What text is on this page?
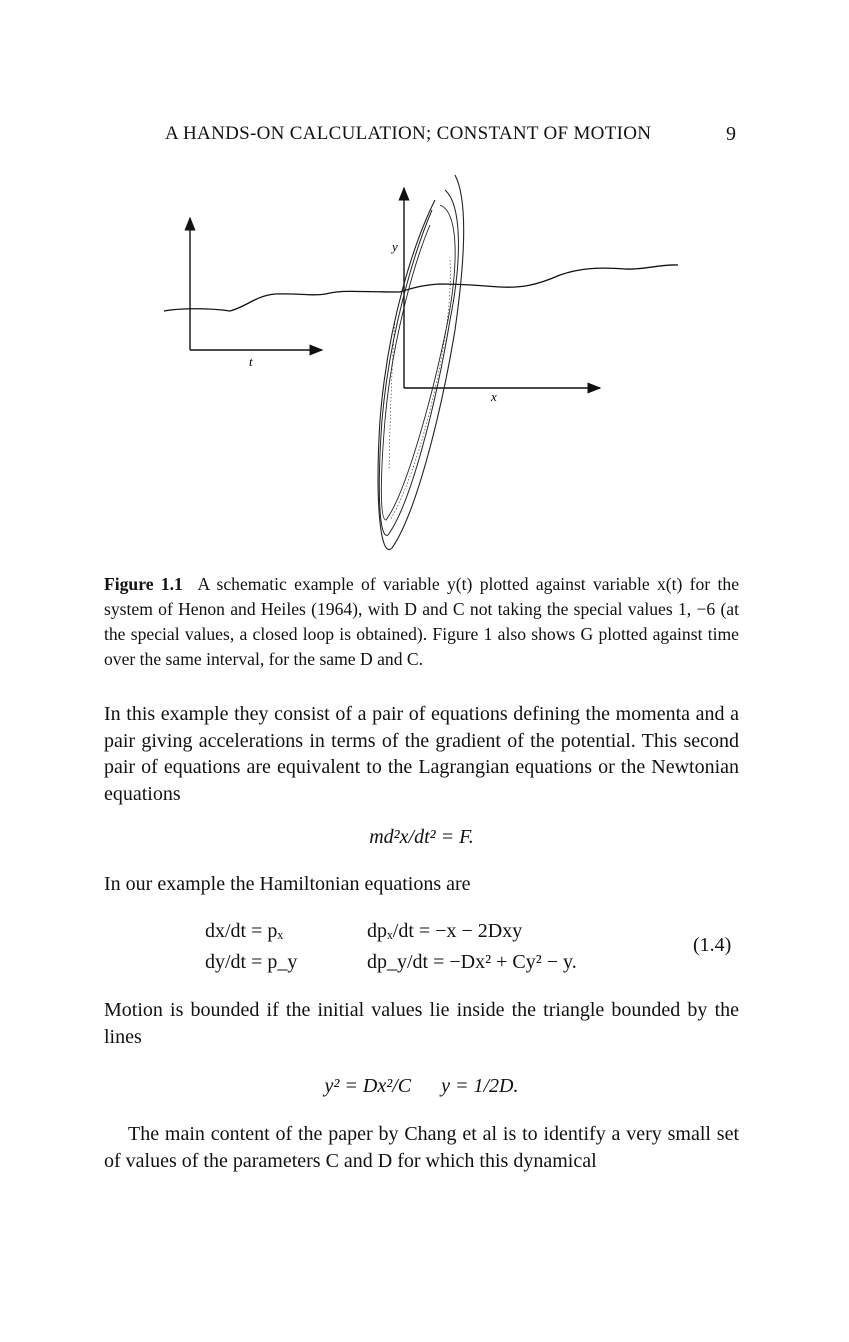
A HANDS-ON CALCULATION; CONSTANT OF MOTION	9
t
y
x
Figure 1.1 A schematic example of variable y(t) plotted against variable x(t) for the system of Henon and Heiles (1964), with D and C not taking the special values 1, −6 (at the special values, a closed loop is obtained). Figure 1 also shows G plotted against time over the same interval, for the same D and C.
In this example they consist of a pair of equations defining the momenta and a pair giving accelerations in terms of the gradient of the potential. This second pair of equations are equivalent to the Lagrangian equations or the Newtonian equations
md²x/dt² = F.
In our example the Hamiltonian equations are
dx/dt = pₓ	dpₓ/dt = −x − 2Dxy
dy/dt = p_y	dp_y/dt = −Dx² + Cy² − y.
(1.4)
Motion is bounded if the initial values lie inside the triangle bounded by the lines
y² = Dx²/C      y = 1/2D.
The main content of the paper by Chang et al is to identify a very small set of values of the parameters C and D for which this dynamical
